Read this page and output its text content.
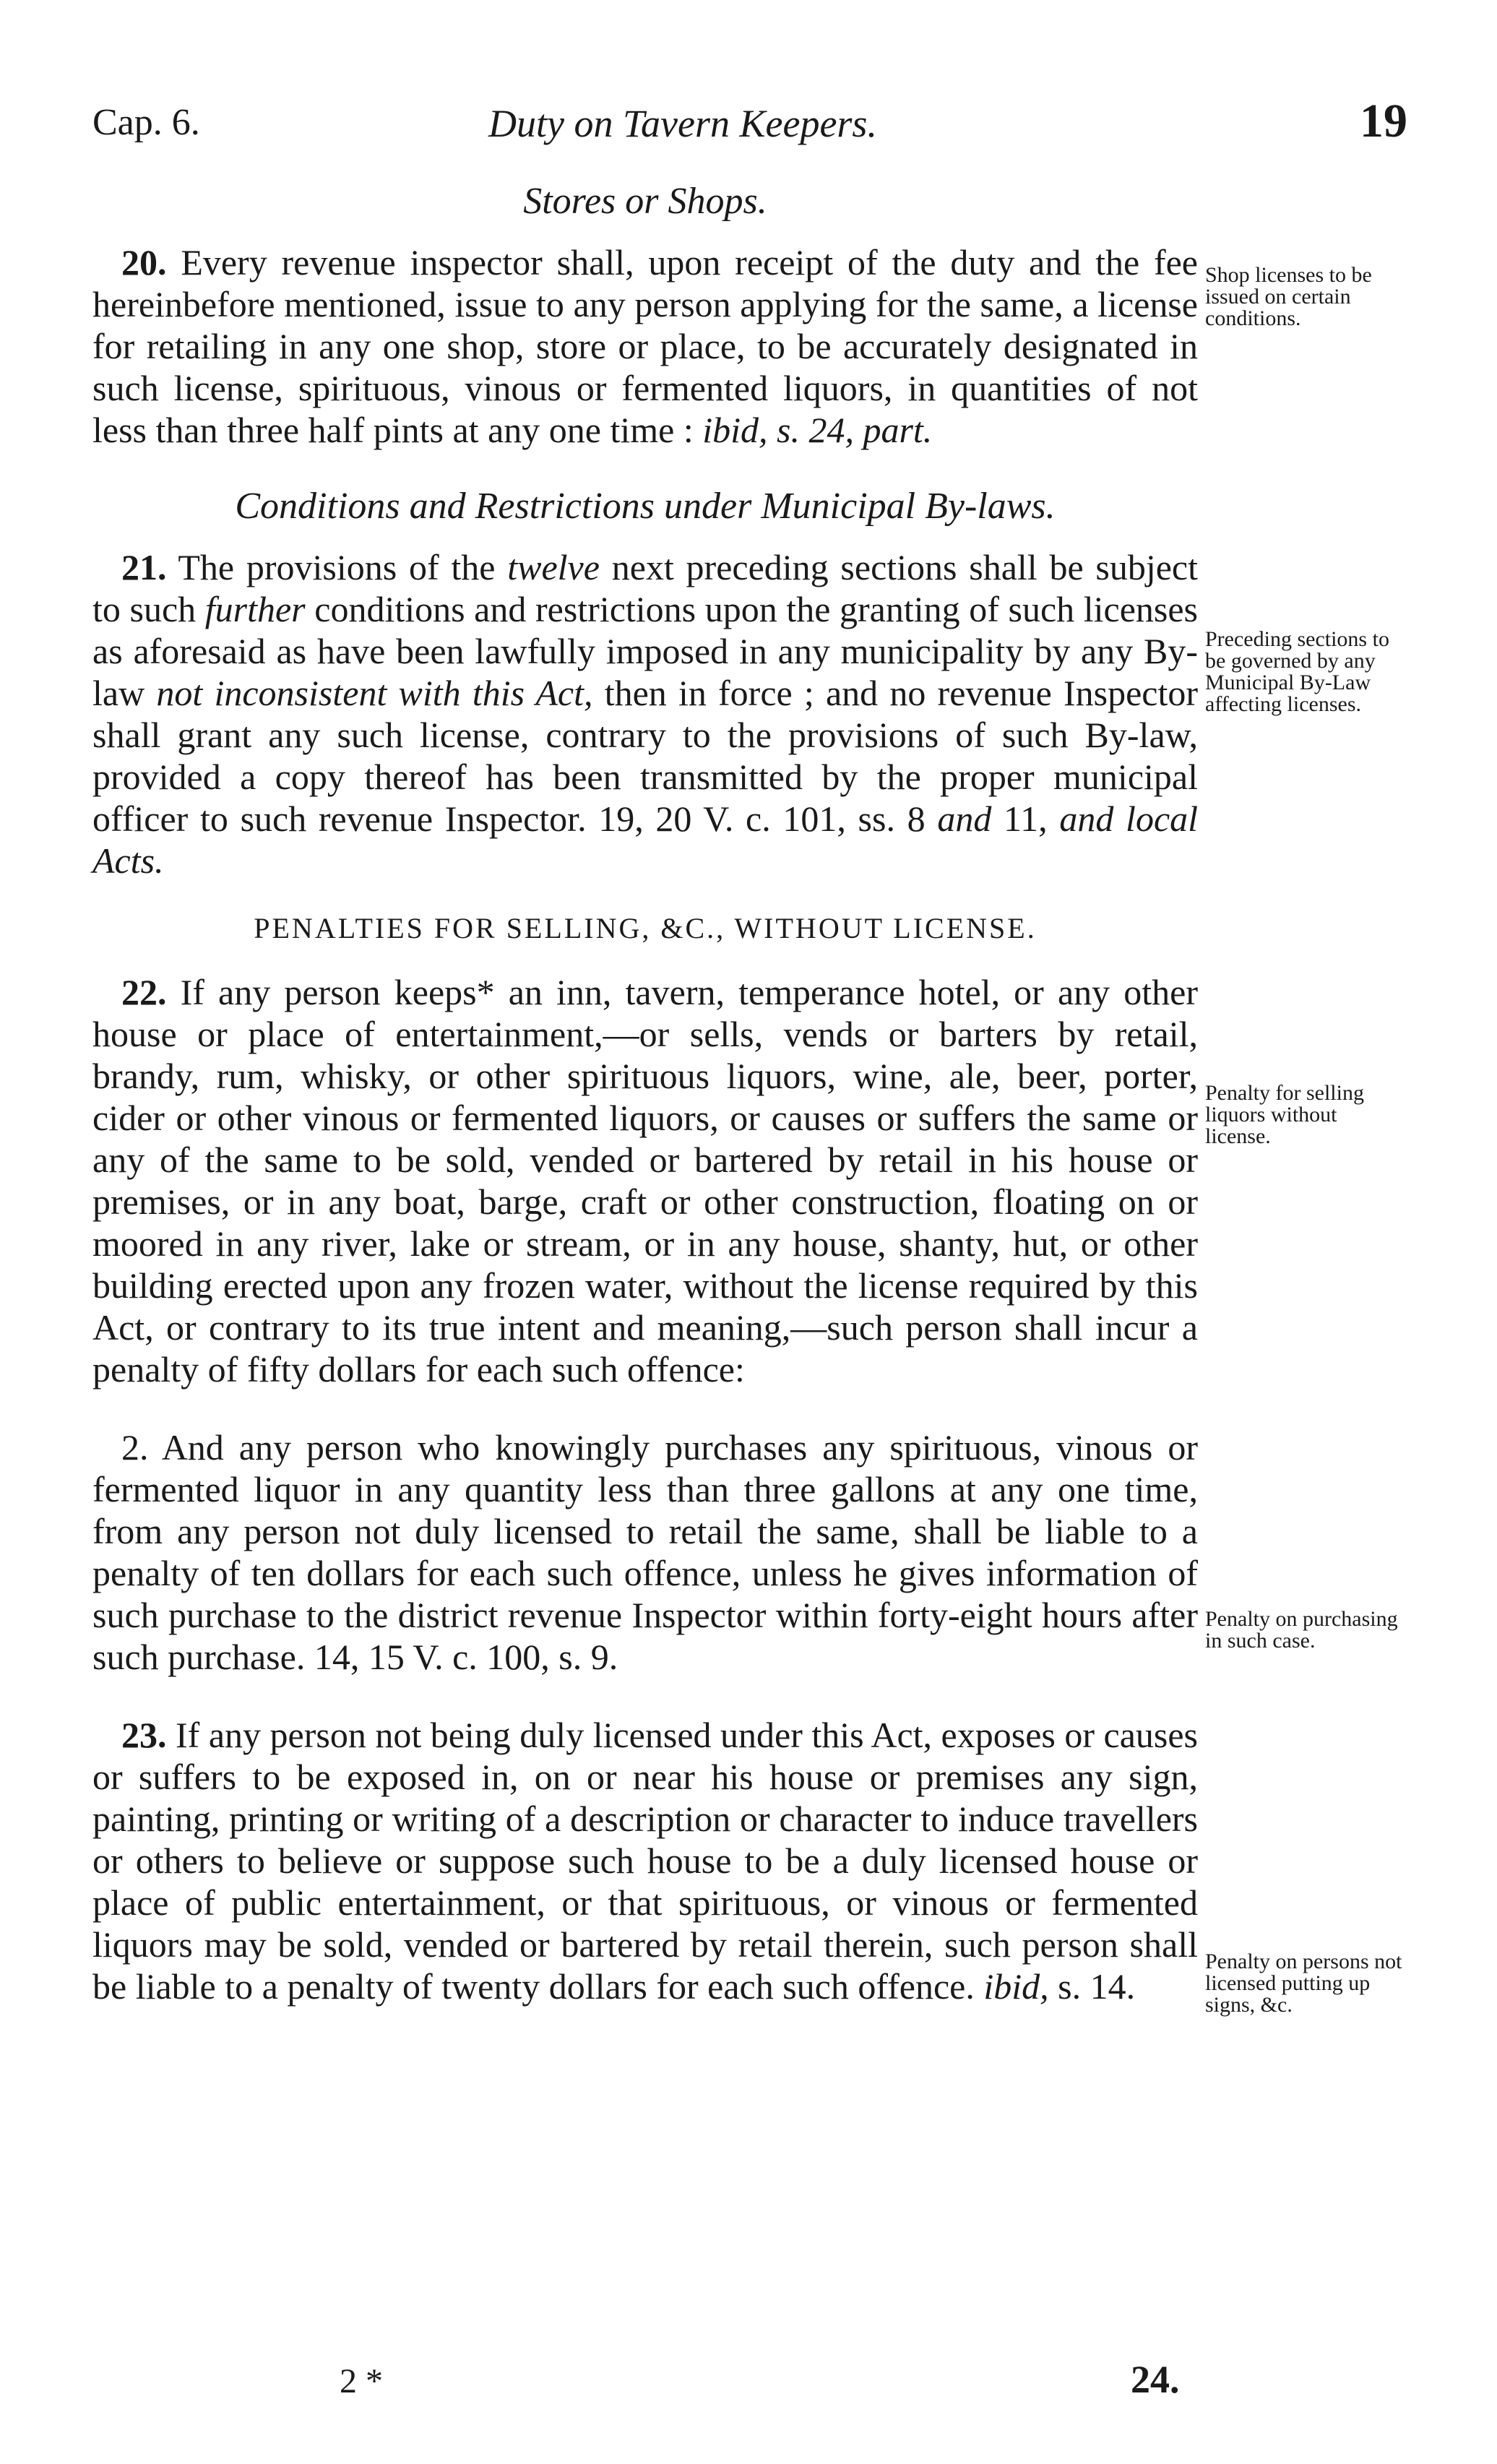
Cap. 6.	Duty on Tavern Keepers.	19

Stores or Shops.

20. Every revenue inspector shall, upon receipt of the duty and the fee hereinbefore mentioned, issue to any person applying for the same, a license for retailing in any one shop, store or place, to be accurately designated in such license, spirituous, vinous or fermented liquors, in quantities of not less than three half pints at any one time : ibid, s. 24, part.

Conditions and Restrictions under Municipal By-laws.

21. The provisions of the twelve next preceding sections shall be subject to such further conditions and restrictions upon the granting of such licenses as aforesaid as have been lawfully imposed in any municipality by any By-law not inconsistent with this Act, then in force ; and no revenue Inspector shall grant any such license, contrary to the provisions of such By-law, provided a copy thereof has been transmitted by the proper municipal officer to such revenue Inspector. 19, 20 V. c. 101, ss. 8 and 11, and local Acts.

PENALTIES FOR SELLING, &C., WITHOUT LICENSE.

22. If any person keeps* an inn, tavern, temperance hotel, or any other house or place of entertainment,—or sells, vends or barters by retail, brandy, rum, whisky, or other spirituous liquors, wine, ale, beer, porter, cider or other vinous or fermented liquors, or causes or suffers the same or any of the same to be sold, vended or bartered by retail in his house or premises, or in any boat, barge, craft or other construction, floating on or moored in any river, lake or stream, or in any house, shanty, hut, or other building erected upon any frozen water, without the license required by this Act, or contrary to its true intent and meaning,—such person shall incur a penalty of fifty dollars for each such offence:

2. And any person who knowingly purchases any spirituous, vinous or fermented liquor in any quantity less than three gallons at any one time, from any person not duly licensed to retail the same, shall be liable to a penalty of ten dollars for each such offence, unless he gives information of such purchase to the district revenue Inspector within forty-eight hours after such purchase. 14, 15 V. c. 100, s. 9.

23. If any person not being duly licensed under this Act, exposes or causes or suffers to be exposed in, on or near his house or premises any sign, painting, printing or writing of a description or character to induce travellers or others to believe or suppose such house to be a duly licensed house or place of public entertainment, or that spirituous, or vinous or fermented liquors may be sold, vended or bartered by retail therein, such person shall be liable to a penalty of twenty dollars for each such offence. ibid, s. 14.

Shop licenses to be issued on certain conditions.
Preceding sections to be governed by any Municipal By-Law affecting licenses.
Penalty for selling liquors without license.
Penalty on purchasing in such case.
Penalty on persons not licensed putting up signs, &c.
2 *	24.
